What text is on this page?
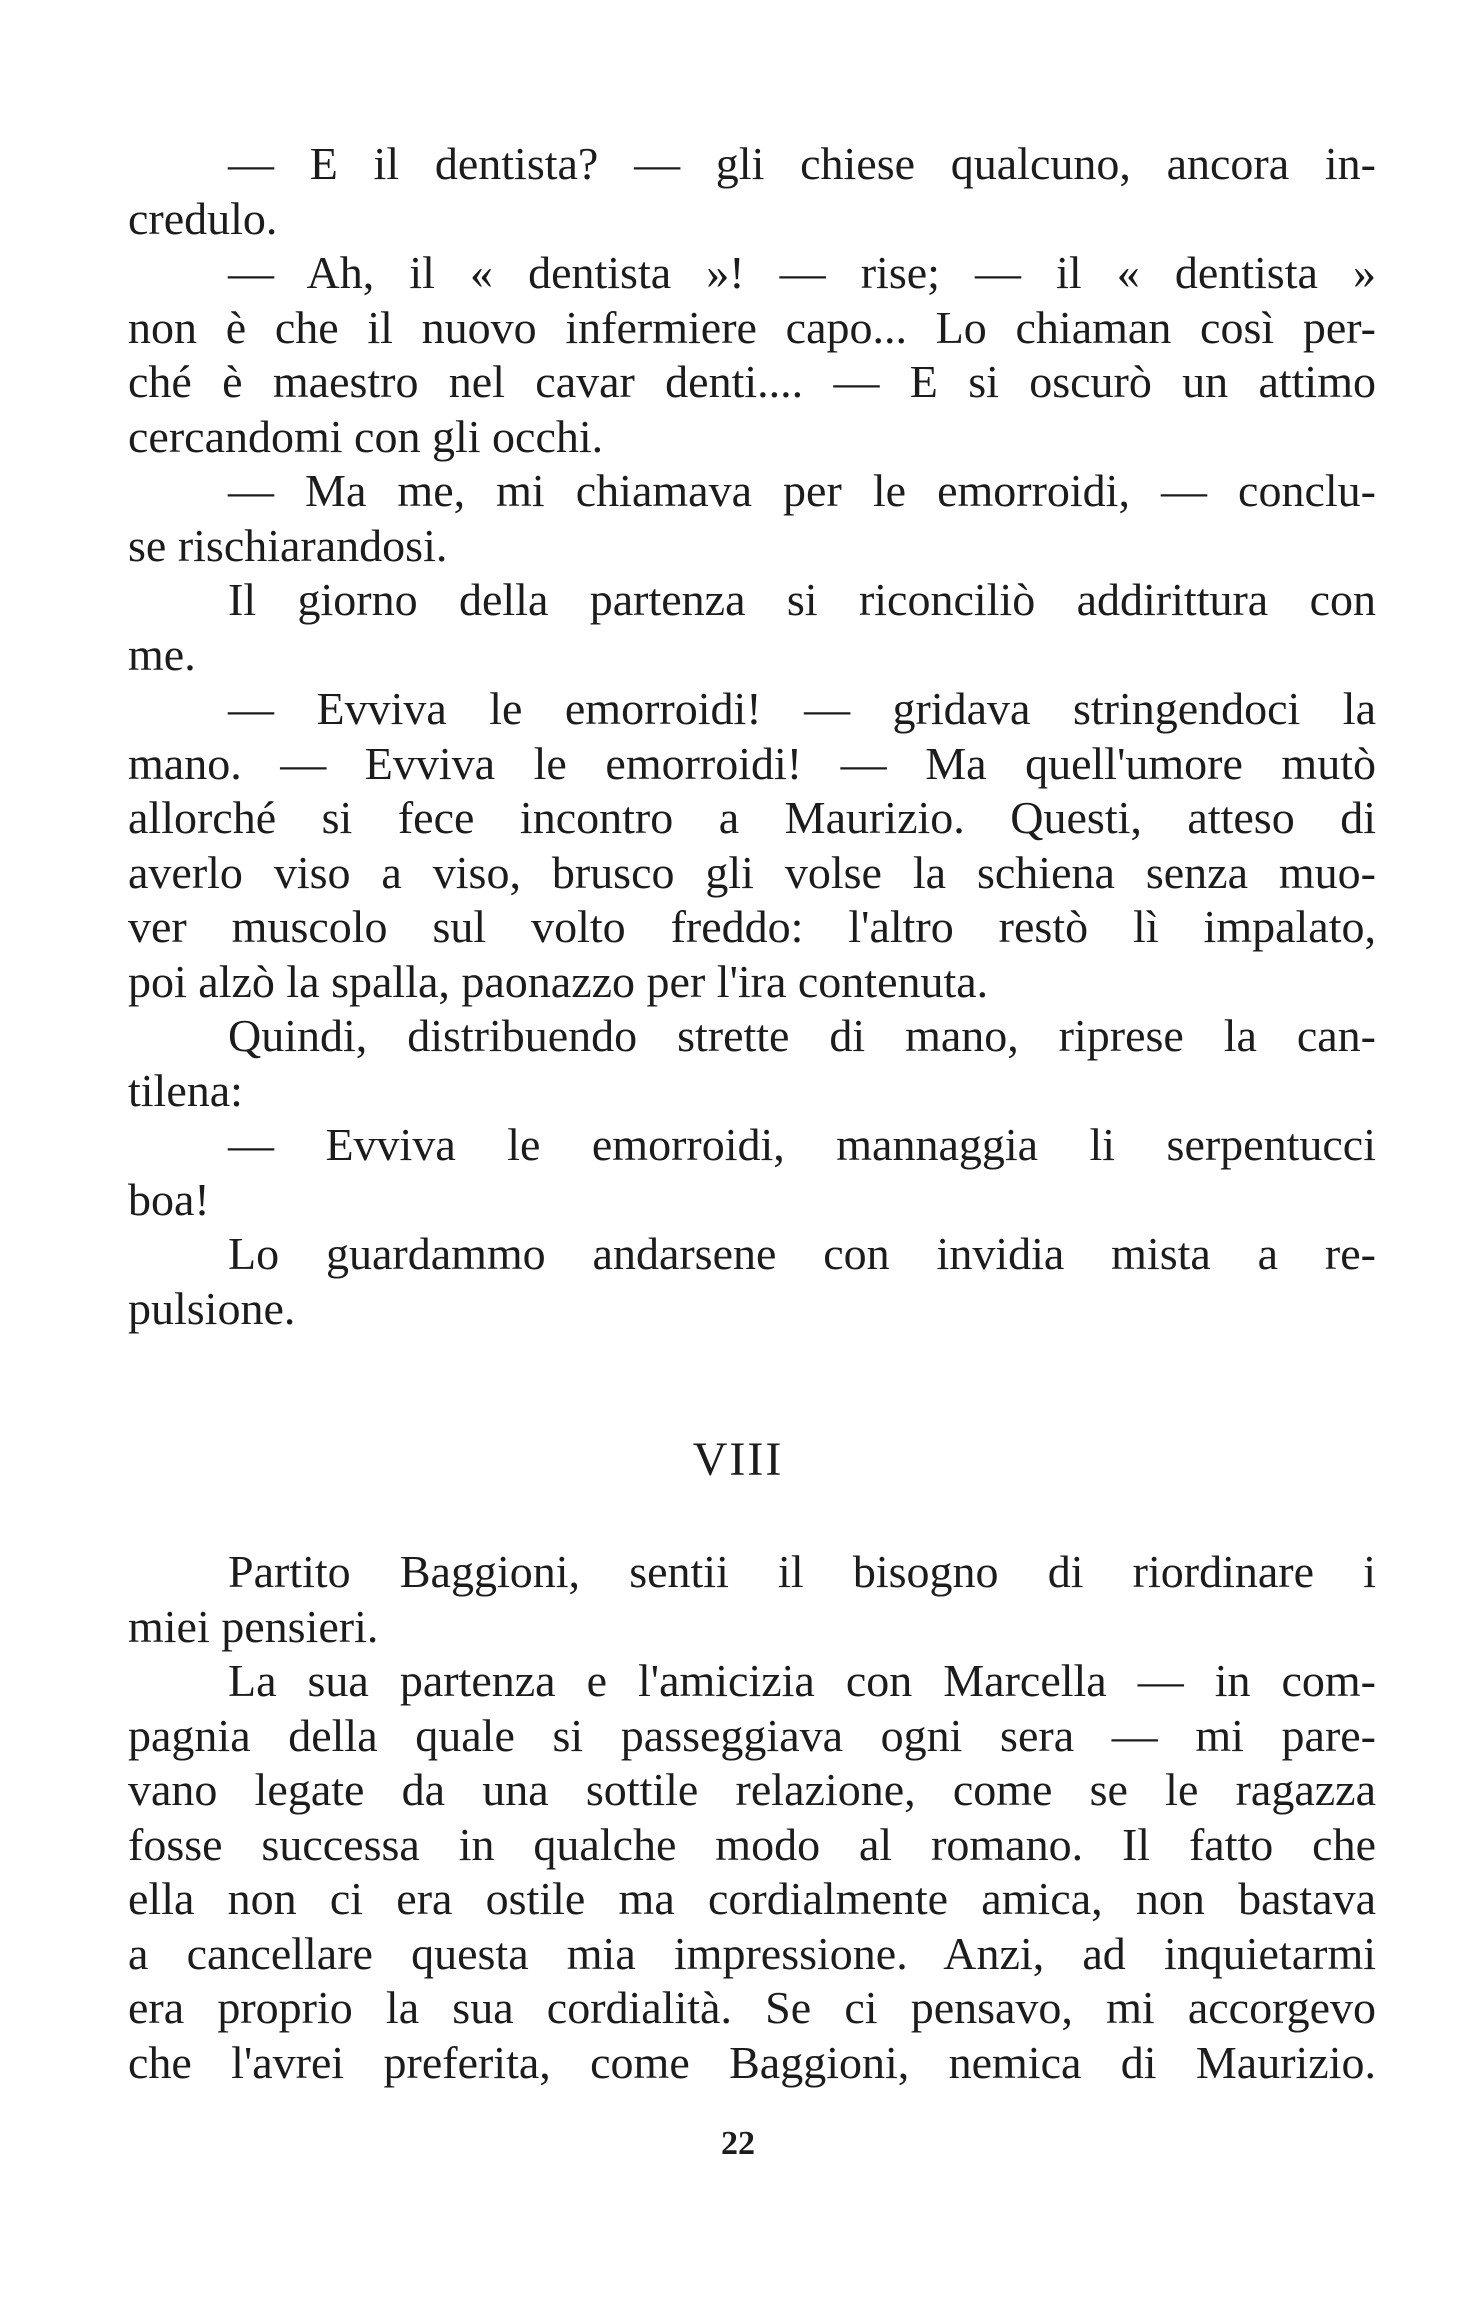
— E il dentista? — gli chiese qualcuno, ancora in-
credulo.
— Ah, il « dentista »! — rise; — il « dentista »
non è che il nuovo infermiere capo... Lo chiaman così per-
ché è maestro nel cavar denti.... — E si oscurò un attimo
cercandomi con gli occhi.
— Ma me, mi chiamava per le emorroidi, — conclu-
se rischiarandosi.
Il giorno della partenza si riconciliò addirittura con
me.
— Evviva le emorroidi! — gridava stringendoci la
mano. — Evviva le emorroidi! — Ma quell'umore mutò
allorché si fece incontro a Maurizio. Questi, atteso di
averlo viso a viso, brusco gli volse la schiena senza muo-
ver muscolo sul volto freddo: l'altro restò lì impalato,
poi alzò la spalla, paonazzo per l'ira contenuta.
Quindi, distribuendo strette di mano, riprese la can-
tilena:
— Evviva le emorroidi, mannaggia li serpentucci
boa!
Lo guardammo andarsene con invidia mista a re-
pulsione.
VIII
Partito Baggioni, sentii il bisogno di riordinare i
miei pensieri.
La sua partenza e l'amicizia con Marcella — in com-
pagnia della quale si passeggiava ogni sera — mi pare-
vano legate da una sottile relazione, come se le ragazza
fosse successa in qualche modo al romano. Il fatto che
ella non ci era ostile ma cordialmente amica, non bastava
a cancellare questa mia impressione. Anzi, ad inquietarmi
era proprio la sua cordialità. Se ci pensavo, mi accorgevo
che l'avrei preferita, come Baggioni, nemica di Maurizio.
22
